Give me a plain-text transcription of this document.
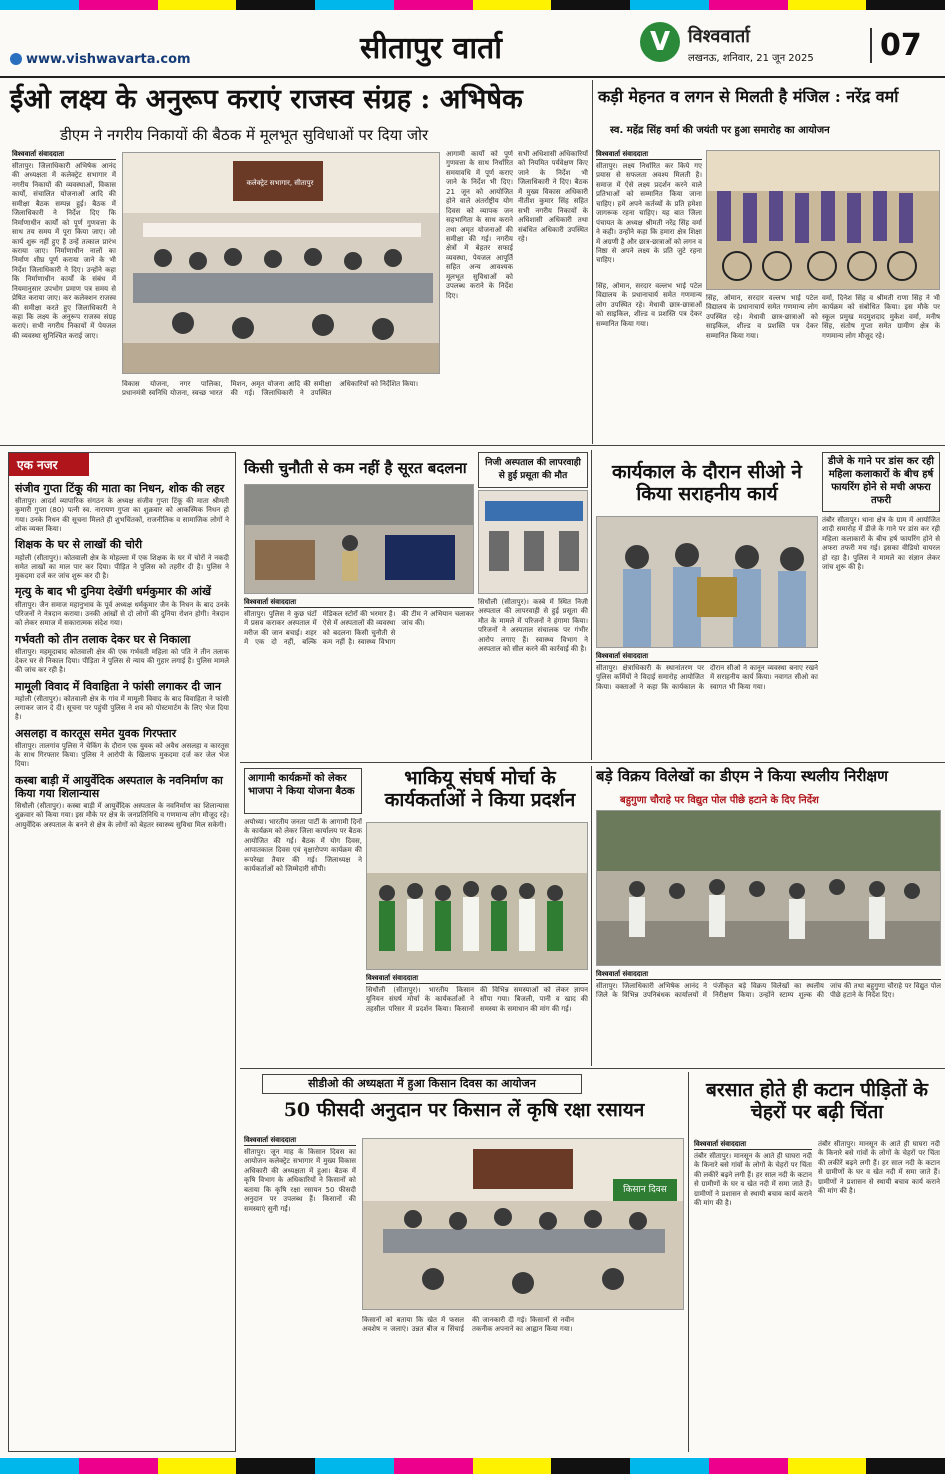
www.vishwavarta.com	सीतापुर वार्ता	V विश्ववार्ता
लखनऊ, शनिवार, 21 जून 2025	07
ईओ लक्ष्य के अनुरूप कराएं राजस्व संग्रह : अभिषेक
डीएम ने नगरीय निकायों की बैठक में मूलभूत सुविधाओं पर दिया जोर
विश्ववार्ता संवाददाता
सीतापुर। जिलाधिकारी अभिषेक आनंद की अध्यक्षता में कलेक्ट्रेट सभागार में नगरीय निकायों की व्यवस्थाओं, विकास कार्यों, संचालित योजनाओं आदि की समीक्षा बैठक सम्पन्न हुई। बैठक में जिलाधिकारी ने निर्देश दिए कि निर्माणाधीन कार्यों को पूर्ण गुणवत्ता के साथ तय समय में पूरा किया जाए। जो कार्य शुरू नहीं हुए हैं उन्हें तत्काल प्रारंभ कराया जाए। निर्माणाधीन नालों का निर्माण शीघ्र पूर्ण कराया जाने के भी निर्देश जिलाधिकारी ने दिए। उन्होंने कहा कि निर्माणाधीन कार्यों के संबंध में नियमानुसार उपभोग प्रमाण पत्र समय से प्रेषित कराया जाए। कर कलेक्शन राजस्व की समीक्षा करते हुए जिलाधिकारी ने कहा कि लक्ष्य के अनुरूप राजस्व संग्रह कराएं। सभी नगरीय निकायों में पेयजल की व्यवस्था सुनिश्चित कराई जाए।
कलेक्ट्रेट सभागार, सीतापुर
विकास योजना, नगर पालिका, प्रधानमंत्री स्वनिधि योजना, स्वच्छ भारत मिशन, अमृत योजना आदि की समीक्षा की गई। जिलाधिकारी ने उपस्थित अधिकारियों को निर्देशित किया।
आगामी कार्यों को पूर्ण गुणवत्ता के साथ निर्धारित समयावधि में पूर्ण कराए जाने के निर्देश भी दिए। 21 जून को आयोजित होने वाले अंतर्राष्ट्रीय योग दिवस को व्यापक जन सहभागिता के साथ कराने तथा अमृत योजनाओं की समीक्षा की गई। नगरीय क्षेत्रों में बेहतर सफाई व्यवस्था, पेयजल आपूर्ति सहित अन्य आवश्यक मूलभूत सुविधाओं को उपलब्ध कराने के निर्देश दिए।
सभी अधिशासी अधिकारियों को नियमित पर्यवेक्षण किए जाने के निर्देश भी जिलाधिकारी ने दिए। बैठक में मुख्य विकास अधिकारी नीतीश कुमार सिंह सहित सभी नगरीय निकायों के अधिशासी अधिकारी तथा संबंधित अधिकारी उपस्थित रहे।
कड़ी मेहनत व लगन से मिलती है मंजिल : नरेंद्र वर्मा
स्व. महेंद्र सिंह वर्मा की जयंती पर हुआ समारोह का आयोजन
विश्ववार्ता संवाददाता
सीतापुर। लक्ष्य निर्धारित कर किये गए प्रयास से सफलता अवश्य मिलती है। समाज में ऐसे लक्ष्य प्रदर्शन करने वाले प्रतिभाओं को सम्मानित किया जाना चाहिए। हमें अपने कर्तव्यों के प्रति हमेशा जागरूक रहना चाहिए। यह बात जिला पंचायत के अध्यक्ष श्रीमती नरेंद्र सिंह वर्मा ने कही। उन्होंने कहा कि हमारा क्षेत्र शिक्षा में अग्रणी है और छात्र-छात्राओं को लगन व निष्ठा से अपने लक्ष्य के प्रति जुटे रहना चाहिए।
सिंह, ओमान, सरदार वल्लभ भाई पटेल विद्यालय के प्रधानाचार्य समेत गणमान्य लोग उपस्थित रहे। मेधावी छात्र-छात्राओं को साइकिल, शील्ड व प्रशस्ति पत्र देकर सम्मानित किया गया।
सिंह, ओमान, सरदार वल्लभ भाई पटेल विद्यालय के प्रधानाचार्य समेत गणमान्य लोग उपस्थित रहे। मेधावी छात्र-छात्राओं को साइकिल, शील्ड व प्रशस्ति पत्र देकर सम्मानित किया गया।
वर्मा, दिनेश सिंह व श्रीमती राणा सिंह ने भी कार्यक्रम को संबोधित किया। इस मौके पर स्कूल प्रमुख मदमुशदाद मुकेश वर्मा, मनीष सिंह, संतोष गुप्ता समेत ग्रामीण क्षेत्र के गणमान्य लोग मौजूद रहे।
एक नजर
संजीव गुप्ता टिंकू की माता का निधन, शोक की लहर

सीतापुर। आदर्श व्यापारिक संगठन के अध्यक्ष संजीव गुप्ता टिंकू की माता श्रीमती कुमारी गुप्ता (80) पत्नी स्व. नारायण गुप्ता का शुक्रवार को आकस्मिक निधन हो गया। उनके निधन की सूचना मिलते ही शुभचिंतकों, राजनीतिक व सामाजिक लोगों ने शोक व्यक्त किया।

शिक्षक के घर से लाखों की चोरी

महोली (सीतापुर)। कोतवाली क्षेत्र के मोहल्ला में एक शिक्षक के घर में चोरों ने नकदी समेत लाखों का माल पार कर दिया। पीड़ित ने पुलिस को तहरीर दी है। पुलिस ने मुकदमा दर्ज कर जांच शुरू कर दी है।

मृत्यु के बाद भी दुनिया देखेंगी धर्मकुमार की आंखें

सीतापुर। जैन समाज महानुभाव के पूर्व अध्यक्ष धर्मकुमार जैन के निधन के बाद उनके परिजनों ने नेत्रदान कराया। उनकी आंखों से दो लोगों की दुनिया रोशन होगी। नेत्रदान को लेकर समाज में सकारात्मक संदेश गया।

गर्भवती को तीन तलाक देकर घर से निकाला

सीतापुर। महमूदाबाद कोतवाली क्षेत्र की एक गर्भवती महिला को पति ने तीन तलाक देकर घर से निकाल दिया। पीड़िता ने पुलिस से न्याय की गुहार लगाई है। पुलिस मामले की जांच कर रही है।

मामूली विवाद में विवाहिता ने फांसी लगाकर दी जान

महोली (सीतापुर)। कोतवाली क्षेत्र के गांव में मामूली विवाद के बाद विवाहिता ने फांसी लगाकर जान दे दी। सूचना पर पहुंची पुलिस ने शव को पोस्टमार्टम के लिए भेज दिया है।

असलहा व कारतूस समेत युवक गिरफ्तार

सीतापुर। तालगांव पुलिस ने चेकिंग के दौरान एक युवक को अवैध असलहा व कारतूस के साथ गिरफ्तार किया। पुलिस ने आरोपी के खिलाफ मुकदमा दर्ज कर जेल भेज दिया।

कस्बा बाड़ी में आयुर्वेदिक अस्पताल के नवनिर्माण का किया गया शिलान्यास

सिधौली (सीतापुर)। कस्बा बाड़ी में आयुर्वेदिक अस्पताल के नवनिर्माण का शिलान्यास शुक्रवार को किया गया। इस मौके पर क्षेत्र के जनप्रतिनिधि व गणमान्य लोग मौजूद रहे। आयुर्वेदिक अस्पताल के बनने से क्षेत्र के लोगों को बेहतर स्वास्थ्य सुविधा मिल सकेगी।

किसी चुनौती से कम नहीं है सूरत बदलना	निजी अस्पताल की लापरवाही से हुई प्रसूता की मौत
सिधौली (सीतापुर)। कस्बे में स्थित निजी अस्पताल की लापरवाही से हुई प्रसूता की मौत के मामले में परिजनों ने हंगामा किया। परिजनों ने अस्पताल संचालक पर गंभीर आरोप लगाए हैं। स्वास्थ्य विभाग ने अस्पताल को सील करने की कार्रवाई की है।
विश्ववार्ता संवाददाता
सीतापुर। पुलिस ने कुछ घंटों में प्रसव कराकर अस्पताल में मरीज की जान बचाई। शहर में एक दो नहीं, बल्कि मेडिकल स्टोरों की भरमार है। ऐसे में अस्पतालों की व्यवस्था को बदलना किसी चुनौती से कम नहीं है। स्वास्थ्य विभाग की टीम ने अभियान चलाकर जांच की।
कार्यकाल के दौरान सीओ ने किया सराहनीय कार्य
डीजे के गाने पर डांस कर रही महिला कलाकारों के बीच हर्ष फायरिंग होने से मची अफरा तफरी
तंबौर सीतापुर। थाना क्षेत्र के ग्राम में आयोजित शादी समारोह में डीजे के गाने पर डांस कर रही महिला कलाकारों के बीच हर्ष फायरिंग होने से अफरा तफरी मच गई। इसका वीडियो वायरल हो रहा है। पुलिस ने मामले का संज्ञान लेकर जांच शुरू की है।
विश्ववार्ता संवाददाता
सीतापुर। क्षेत्राधिकारी के स्थानांतरण पर पुलिस कर्मियों ने विदाई समारोह आयोजित किया। वक्ताओं ने कहा कि कार्यकाल के दौरान सीओ ने कानून व्यवस्था बनाए रखने में सराहनीय कार्य किया। नवागत सीओ का स्वागत भी किया गया।
आगामी कार्यक्रमों को लेकर भाजपा ने किया योजना बैठक
अयोध्या। भारतीय जनता पार्टी के आगामी दिनों के कार्यक्रम को लेकर जिला कार्यालय पर बैठक आयोजित की गई। बैठक में योग दिवस, आपातकाल दिवस एवं वृक्षारोपण कार्यक्रम की रूपरेखा तैयार की गई। जिलाध्यक्ष ने कार्यकर्ताओं को जिम्मेदारी सौंपी।
भाकियू संघर्ष मोर्चा के कार्यकर्ताओं ने किया प्रदर्शन
विश्ववार्ता संवाददाता
सिधौली (सीतापुर)। भारतीय किसान यूनियन संघर्ष मोर्चा के कार्यकर्ताओं ने तहसील परिसर में प्रदर्शन किया। किसानों की विभिन्न समस्याओं को लेकर ज्ञापन सौंपा गया। बिजली, पानी व खाद की समस्या के समाधान की मांग की गई।
बड़े विक्रय विलेखों का डीएम ने किया स्थलीय निरीक्षण
बहुगुणा चौराहे पर विद्युत पोल पीछे हटाने के दिए निर्देश
विश्ववार्ता संवाददाता
सीतापुर। जिलाधिकारी अभिषेक आनंद ने जिले के विभिन्न उपनिबंधक कार्यालयों में पंजीकृत बड़े विक्रय विलेखों का स्थलीय निरीक्षण किया। उन्होंने स्टाम्प शुल्क की जांच की तथा बहुगुणा चौराहे पर विद्युत पोल पीछे हटाने के निर्देश दिए।
सीडीओ की अध्यक्षता में हुआ किसान दिवस का आयोजन
50 फीसदी अनुदान पर किसान लें कृषि रक्षा रसायन
विश्ववार्ता संवाददाता
सीतापुर। जून माह के किसान दिवस का आयोजन कलेक्ट्रेट सभागार में मुख्य विकास अधिकारी की अध्यक्षता में हुआ। बैठक में कृषि विभाग के अधिकारियों ने किसानों को बताया कि कृषि रक्षा रसायन 50 फीसदी अनुदान पर उपलब्ध हैं। किसानों की समस्याएं सुनी गईं।
किसान दिवस
किसानों को बताया कि खेत में फसल अवशेष न जलाएं। उन्नत बीज व सिंचाई की जानकारी दी गई। किसानों से नवीन तकनीक अपनाने का आह्वान किया गया।
बरसात होते ही कटान पीड़ितों के चेहरों पर बढ़ी चिंता
विश्ववार्ता संवाददाता
तंबौर सीतापुर। मानसून के आते ही घाघरा नदी के किनारे बसे गांवों के लोगों के चेहरों पर चिंता की लकीरें बढ़ने लगी हैं। हर साल नदी के कटान से ग्रामीणों के घर व खेत नदी में समा जाते हैं। ग्रामीणों ने प्रशासन से स्थायी बचाव कार्य कराने की मांग की है।
तंबौर सीतापुर। मानसून के आते ही घाघरा नदी के किनारे बसे गांवों के लोगों के चेहरों पर चिंता की लकीरें बढ़ने लगी हैं। हर साल नदी के कटान से ग्रामीणों के घर व खेत नदी में समा जाते हैं। ग्रामीणों ने प्रशासन से स्थायी बचाव कार्य कराने की मांग की है।
